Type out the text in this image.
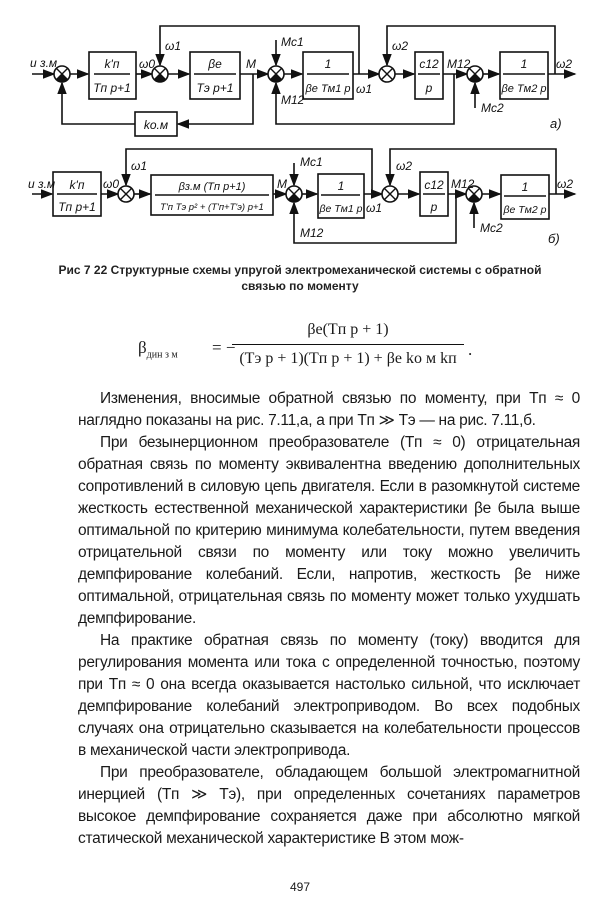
u з.м	k'п
Tп p+1
ω0
ω1
βе
Tэ p+1
M
Mс1
M12
1
βе Tм1 p ω1
ω2
c12
p
M12
Mс2
1
βе Tм2 p
ω2
kо.м	а)
u з.м k'п
Tп p+1
ω0
ω1
βз.м (Tп p+1)
T'п Tэ p² + (T'п+T'э) p+1
M
Mс1
M12
1
βе Tм1 p ω1
ω2
c12
p
M12
Mс2
1
βе Tм2 p
ω2
б)
Рис 7 22 Структурные схемы упругой электромеханической системы с обратной связью по моменту
$\beta_{дин з м}$ = −
βе(Tп p + 1)
(Tэ p + 1)(Tп p + 1) + βе kо м kп .

Изменения, вносимые обратной связью по моменту, при Tп ≈ 0 наглядно показаны на рис. 7.11,а, а при Tп ≫ Tэ — на рис. 7.11,б.

При безынерционном преобразователе (Tп ≈ 0) отрицательная обратная связь по моменту эквивалентна введению дополнительных сопротивлений в силовую цепь двигателя. Если в разомкнутой системе жесткость естественной механической характеристики βе была выше оптимальной по критерию минимума колебательности, путем введения отрицательной связи по моменту или току можно увеличить демпфирование колебаний. Если, напротив, жесткость βе ниже оптимальной, отрицательная связь по моменту может только ухудшать демпфирование.

На практике обратная связь по моменту (току) вводится для регулирования момента или тока с определенной точностью, поэтому при Tп ≈ 0 она всегда оказывается настолько сильной, что исключает демпфирование колебаний электроприводом. Во всех подобных случаях она отрицательно сказывается на колебательности процессов в механической части электропривода.

При преобразователе, обладающем большой электромагнитной инерцией (Tп ≫ Tэ), при определенных сочетаниях параметров высокое демпфирование сохраняется даже при абсолютно мягкой статической механической характеристике В этом мож-

497
